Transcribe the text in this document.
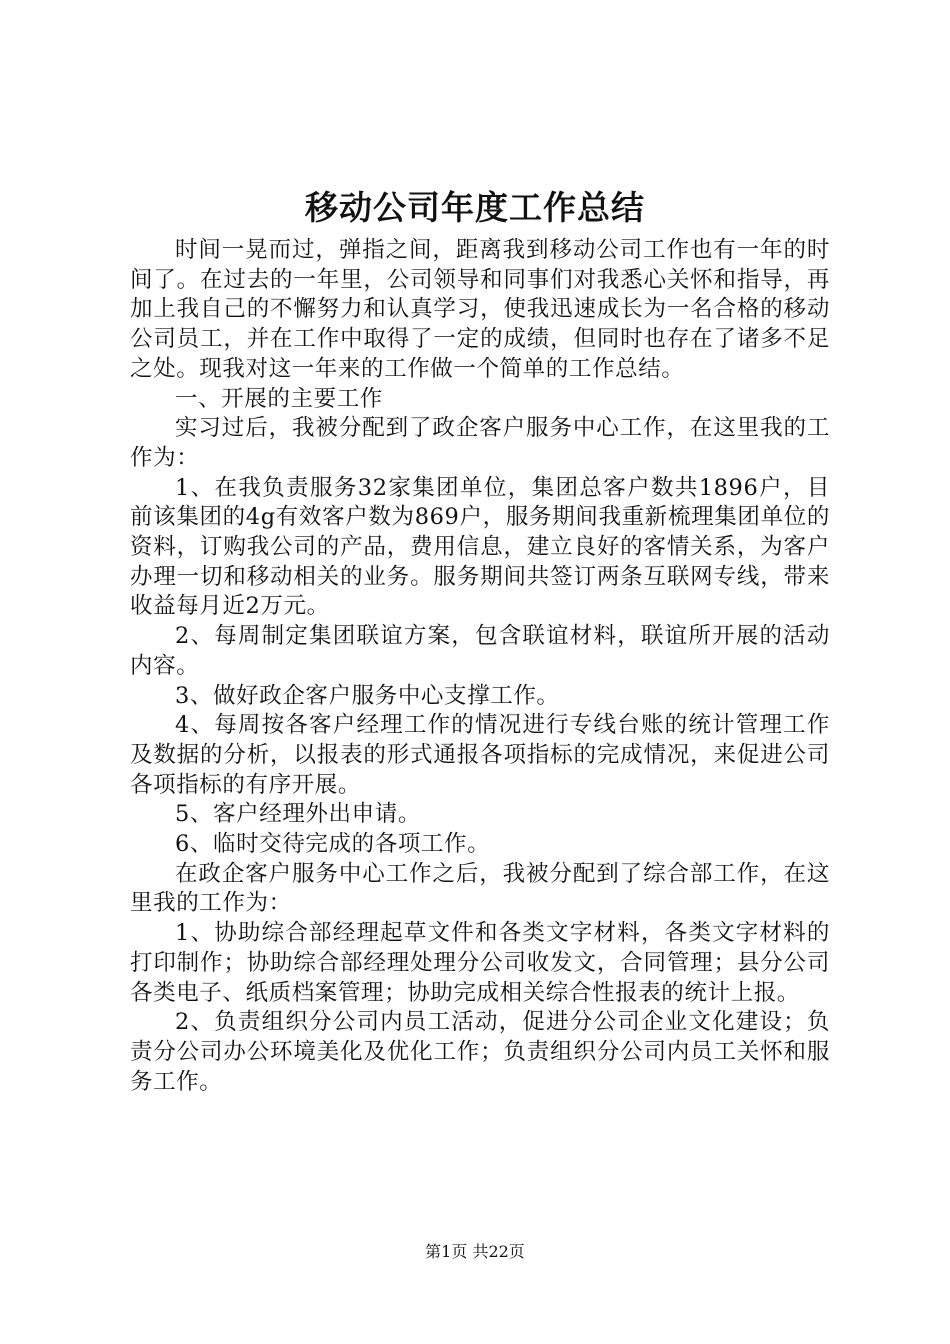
移动公司年度工作总结

时间一晃而过，弹指之间，距离我到移动公司工作也有一年的时间了。在过去的一年里，公司领导和同事们对我悉心关怀和指导，再加上我自己的不懈努力和认真学习，使我迅速成长为一名合格的移动公司员工，并在工作中取得了一定的成绩，但同时也存在了诸多不足之处。现我对这一年来的工作做一个简单的工作总结。

一、开展的主要工作

实习过后，我被分配到了政企客户服务中心工作，在这里我的工作为：

1、在我负责服务32家集团单位，集团总客户数共1896户，目前该集团的4g有效客户数为869户，服务期间我重新梳理集团单位的资料，订购我公司的产品，费用信息，建立良好的客情关系，为客户办理一切和移动相关的业务。服务期间共签订两条互联网专线，带来收益每月近2万元。

2、每周制定集团联谊方案，包含联谊材料，联谊所开展的活动内容。

3、做好政企客户服务中心支撑工作。

4、每周按各客户经理工作的情况进行专线台账的统计管理工作及数据的分析，以报表的形式通报各项指标的完成情况，来促进公司各项指标的有序开展。

5、客户经理外出申请。

6、临时交待完成的各项工作。

在政企客户服务中心工作之后，我被分配到了综合部工作，在这里我的工作为：

1、协助综合部经理起草文件和各类文字材料，各类文字材料的打印制作；协助综合部经理处理分公司收发文，合同管理；县分公司各类电子、纸质档案管理；协助完成相关综合性报表的统计上报。

2、负责组织分公司内员工活动，促进分公司企业文化建设；负责分公司办公环境美化及优化工作；负责组织分公司内员工关怀和服务工作。

第1页 共22页
